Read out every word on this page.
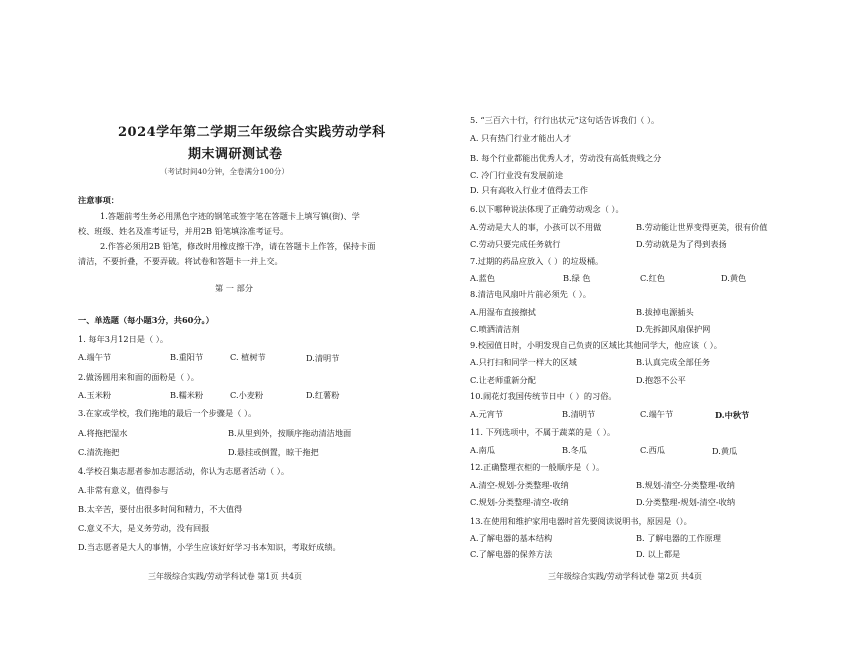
2024学年第二学期三年级综合实践劳动学科
期末调研测试卷
（考试时间40分钟，全卷满分100分）
注意事项：
1.答题前考生务必用黑色字迹的钢笔或签字笔在答题卡上填写镇(街)、学
校、班级、姓名及准考证号，并用2B 铅笔填涂准考证号。
2.作答必须用2B 铅笔，修改时用橡皮擦干净，请在答题卡上作答，保持卡面
清洁，不要折叠，不要弄破。将试卷和答题卡一并上交。
第 一 部分
一、单选题（每小题3分，共60分。）
1. 每年3月12日是（ ）。
A.端午节	B.重阳节	C. 植树节	D.清明节
2.做汤圆用来和面的面粉是（ ）。
A.玉米粉	B.糯米粉	C.小麦粉	D.红薯粉
3.在家或学校，我们拖地的最后一个步骤是（ ）。
A.将拖把湿水	B.从里到外，按顺序拖动清洁地面
C.清洗拖把	D.悬挂或倒置，晾干拖把
4.学校召集志愿者参加志愿活动，你认为志愿者活动（ ）。
A.非常有意义，值得参与
B.太辛苦，要付出很多时间和精力，不大值得
C.意义不大，是义务劳动，没有回报
D.当志愿者是大人的事情，小学生应该好好学习书本知识，考取好成绩。
三年级综合实践/劳动学科试卷 第1页 共4页
5. “三百六十行，行行出状元”这句话告诉我们（ ）。
A. 只有热门行业才能出人才
B. 每个行业都能出优秀人才，劳动没有高低贵贱之分
C. 冷门行业没有发展前途
D. 只有高收入行业才值得去工作
6.以下哪种说法体现了正确劳动观念（ ）。
A.劳动是大人的事，小孩可以不用做	B.劳动能让世界变得更美，很有价值
C.劳动只要完成任务就行	D.劳动就是为了得到表扬
7.过期的药品应放入（ ）的垃圾桶。
A.蓝色	B.绿 色	C.红色	D.黄色
8.清洁电风扇叶片前必须先（ ）。
A.用湿布直接擦拭	B.拔掉电源插头
C.喷洒清洁剂	D.先拆卸风扇保护网
9.校园值日时，小明发现自己负责的区域比其他同学大，他应该（ ）。
A.只打扫和同学一样大的区域	B.认真完成全部任务
C.让老师重新分配	D.抱怨不公平
10.闹花灯我国传统节日中（ ）的习俗。
A.元宵节	B.清明节	C.端午节	D.中秋节
11. 下列选项中，不属于蔬菜的是（ ）。
A.南瓜	B.冬瓜	C.西瓜	D.黄瓜
12.正确整理衣柜的一般顺序是（ ）。
A.清空-规划-分类整理-收纳	B.规划-清空-分类整理-收纳
C.规划-分类整理-清空-收纳	D.分类整理-规划-清空-收纳
13.在使用和维护家用电器时首先要阅读说明书，原因是（）。
A.了解电器的基本结构	B. 了解电器的工作原理
C.了解电器的保养方法	D. 以上都是
三年级综合实践/劳动学科试卷 第2页 共4页
